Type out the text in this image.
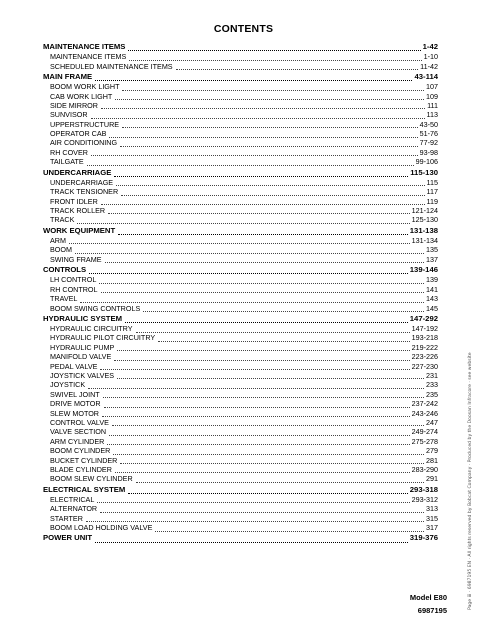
CONTENTS
MAINTENANCE ITEMS	1-42
MAINTENANCE ITEMS	1-10
SCHEDULED MAINTENANCE ITEMS	11-42
MAIN FRAME	43-114
BOOM WORK LIGHT	107
CAB WORK LIGHT	109
SIDE MIRROR	111
SUNVISOR	113
UPPERSTRUCTURE	43-50
OPERATOR CAB	51-76
AIR CONDITIONING	77-92
RH COVER	93-98
TAILGATE	99-106
UNDERCARRIAGE	115-130
UNDERCARRIAGE	115
TRACK TENSIONER	117
FRONT IDLER	119
TRACK ROLLER	121-124
TRACK	125-130
WORK EQUIPMENT	131-138
ARM	131-134
BOOM	135
SWING FRAME	137
CONTROLS	139-146
LH CONTROL	139
RH CONTROL	141
TRAVEL	143
BOOM SWING CONTROLS	145
HYDRAULIC SYSTEM	147-292
HYDRAULIC CIRCUITRY	147-192
HYDRAULIC PILOT CIRCUITRY	193-218
HYDRAULIC PUMP	219-222
MANIFOLD VALVE	223-226
PEDAL VALVE	227-230
JOYSTICK VALVES	231
JOYSTICK	233
SWIVEL JOINT	235
DRIVE MOTOR	237-242
SLEW MOTOR	243-246
CONTROL VALVE	247
VALVE SECTION	249-274
ARM CYLINDER	275-278
BOOM CYLINDER	279
BUCKET CYLINDER	281
BLADE CYLINDER	283-290
BOOM SLEW CYLINDER	291
ELECTRICAL SYSTEM	293-318
ELECTRICAL	293-312
ALTERNATOR	313
STARTER	315
BOOM LOAD HOLDING VALVE	317
POWER UNIT	319-376
Model E80
6987195	Page iii · 6987195 EN · All rights reserved by Bobcat Company · Produced by the Doosan Infracore · see website
